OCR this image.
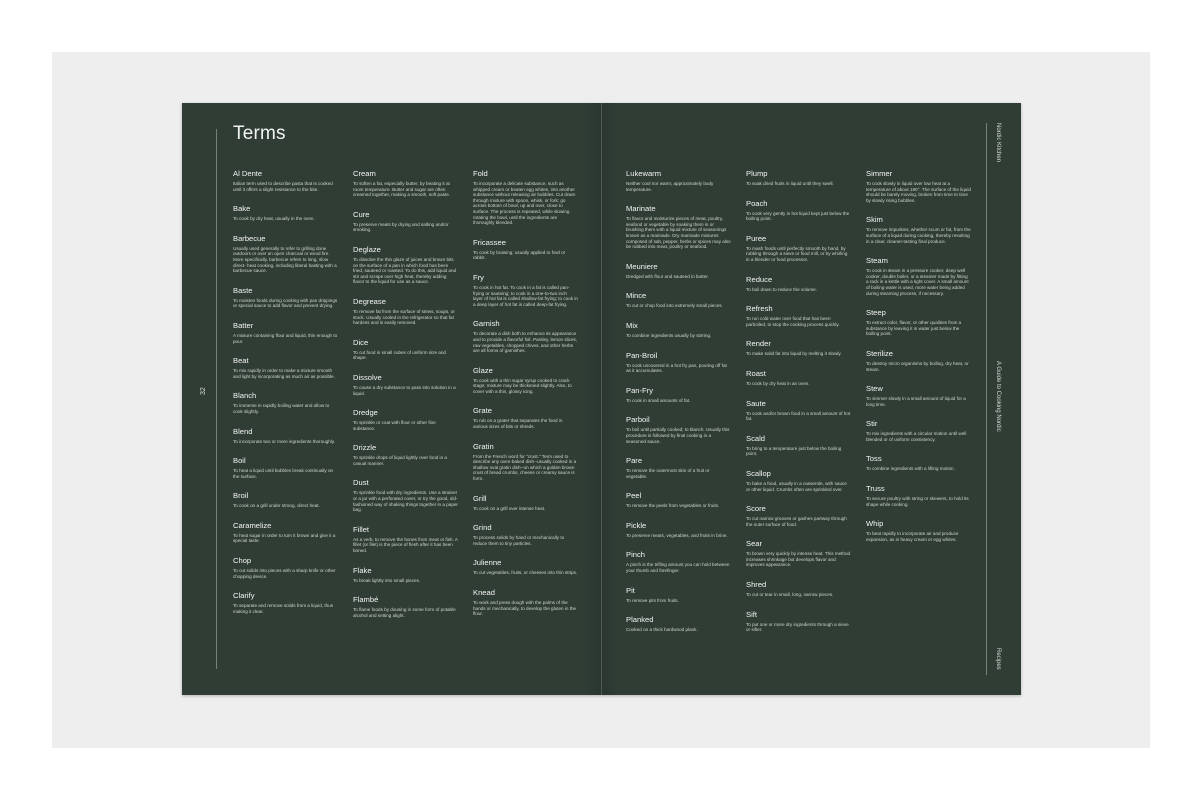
32
Terms
Al Dente
Italian term used to describe pasta that is cooked until it offers a slight resistance to the bite.
Bake
To cook by dry heat, usually in the oven.
Barbecue
Usually used generally to refer to grilling done outdoors or over an open charcoal or wood fire. More specifically, barbecue refers to long, slow direct- heat cooking, including liberal basting with a barbecue sauce.
Baste
To moisten foods during cooking with pan drippings or special sauce to add flavor and prevent drying.
Batter
A mixture containing flour and liquid, thin enough to pour.
Beat
To mix rapidly in order to make a mixture smooth and light by incorporating as much air as possible.
Blanch
To immerse in rapidly boiling water and allow to cook slightly.
Blend
To incorporate two or more ingredients thoroughly.
Boil
To heat a liquid until bubbles break continually on the surface.
Broil
To cook on a grill under strong, direct heat.
Caramelize
To heat sugar in order to turn it brown and give it a special taste.
Chop
To cut solids into pieces with a sharp knife or other chopping device.
Clarify
To separate and remove solids from a liquid, thus making it clear.
Cream
To soften a fat, especially butter, by beating it at room temperature. Butter and sugar are often creamed together, making a smooth, soft paste.
Cure
To preserve meats by drying and salting and/or smoking.
Deglaze
To dissolve the thin glaze of juices and brown bits on the surface of a pan in which food has been fried, sauteed or roasted. To do this, add liquid and stir and scrape over high heat, thereby adding flavor to the liquid for use as a sauce.
Degrease
To remove fat from the surface of stews, soups, or stock. Usually cooled in the refrigerator so that fat hardens and is easily removed.
Dice
To cut food in small cubes of uniform size and shape.
Dissolve
To cause a dry substance to pass into solution in a liquid.
Dredge
To sprinkle or coat with flour or other fine substance.
Drizzle
To sprinkle drops of liquid lightly over food in a casual manner.
Dust
To sprinkle food with dry ingredients. Use a strainer or a jar with a perforated cover, or try the good, old-fashioned way of shaking things together in a paper bag.
Fillet
As a verb, to remove the bones from meat or fish. A fillet (or filet) is the piece of flesh after it has been boned.
Flake
To break lightly into small pieces.
Flambé
To flame foods by dousing in some form of potable alcohol and setting alight.
Fold
To incorporate a delicate substance, such as whipped cream or beaten egg whites, into another substance without releasing air bubbles. Cut down through mixture with spoon, whisk, or fork; go across bottom of bowl, up and over, close to surface. The process is repeated, while slowing rotating the bowl, until the ingredients are thoroughly blended.
Fricassee
To cook by braising; usually applied to fowl or rabbit.
Fry
To cook in hot fat. To cook in a fat is called pan-frying or sauteing; to cook in a one-to-two inch layer of hot fat is called shallow-fat frying; to cook in a deep layer of hot fat is called deep-fat frying.
Garnish
To decorate a dish both to enhance its appearance and to provide a flavorful foil. Parsley, lemon slices, raw vegetables, chopped chives, and other herbs are all forms of garnishes.
Glaze
To cook with a thin sugar syrup cooked to crack stage; mixture may be thickened slightly. Also, to cover with a thin, glossy icing.
Grate
To rub on a grater that separates the food in various sizes of bits or shreds.
Gratin
From the French word for "crust." Term used to describe any oven-baked dish--usually cooked in a shallow oval gratin dish--on which a golden brown crust of bread crumbs, cheese or creamy sauce is form.
Grill
To cook on a grill over intense heat.
Grind
To process solids by hand or mechanically to reduce them to tiny particles.
Julienne
To cut vegetables, fruits, or cheeses into thin strips.
Knead
To work and press dough with the palms of the hands or mechanically, to develop the gluten in the flour.
Lukewarm
Neither cool nor warm; approximately body temperature.
Marinate
To flavor and moisturize pieces of meat, poultry, seafood or vegetable by soaking them in or brushing them with a liquid mixture of seasonings known as a marinade. Dry marinade mixtures composed of salt, pepper, herbs or spices may also be rubbed into meat, poultry or seafood.
Meuniere
Dredged with flour and sauteed in butter.
Mince
To cut or chop food into extremely small pieces.
Mix
To combine ingredients usually by stirring.
Pan-Broil
To cook uncovered in a hot fry pan, pouring off fat as it accumulates.
Pan-Fry
To cook in small amounts of fat.
Parboil
To boil until partially cooked; to blanch. Usually this procedure is followed by final cooking in a seasoned sauce.
Pare
To remove the outermost skin of a fruit or vegetable.
Peel
To remove the peels from vegetables or fruits.
Pickle
To preserve meats, vegetables, and fruits in brine.
Pinch
A pinch is the trifling amount you can hold between your thumb and forefinger.
Pit
To remove pits from fruits.
Planked
Cooked on a thick hardwood plank.
Plump
To soak dried fruits in liquid until they swell.
Poach
To cook very gently in hot liquid kept just below the boiling point.
Puree
To mash foods until perfectly smooth by hand, by rubbing through a sieve or food mill, or by whirling in a blender or food processor.
Reduce
To boil down to reduce the volume.
Refresh
To run cold water over food that has been parboiled, to stop the cooking process quickly.
Render
To make solid fat into liquid by melting it slowly.
Roast
To cook by dry heat in an oven.
Saute
To cook and/or brown food in a small amount of hot fat.
Scald
To bring to a temperature just below the boiling point.
Scallop
To bake a food, usually in a casserole, with sauce or other liquid. Crumbs often are sprinkled over.
Score
To cut narrow grooves or gashes partway through the outer surface of food.
Sear
To brown very quickly by intense heat. This method increases shrinkage but develops flavor and improves appearance.
Shred
To cut or tear in small, long, narrow pieces.
Sift
To put one or more dry ingredients through a sieve or sifter.
Simmer
To cook slowly in liquid over low heat at a temperature of about 180°. The surface of the liquid should be barely moving, broken from time to time by slowly rising bubbles.
Skim
To remove impurities, whether scum or fat, from the surface of a liquid during cooking, thereby resulting in a clear, cleaner-tasting final produce.
Steam
To cook in steam in a pressure cooker, deep well cooker, double boiler, or a steamer made by fitting a rack in a kettle with a tight cover. A small amount of boiling water is used, more water being added during steaming process, if necessary.
Steep
To extract color, flavor, or other qualities from a substance by leaving it in water just below the boiling point.
Sterilize
To destroy micro organisms by boiling, dry heat, or steam.
Stew
To simmer slowly in a small amount of liquid for a long time.
Stir
To mix ingredients with a circular motion until well blended or of uniform consistency.
Toss
To combine ingredients with a lifting motion.
Truss
To secure poultry with string or skewers, to hold its shape while cooking.
Whip
To beat rapidly to incorporate air and produce expansion, as in heavy cream or egg whites.
Nordic Kitchen
A Guide to Cooking Nordic
Recipes
